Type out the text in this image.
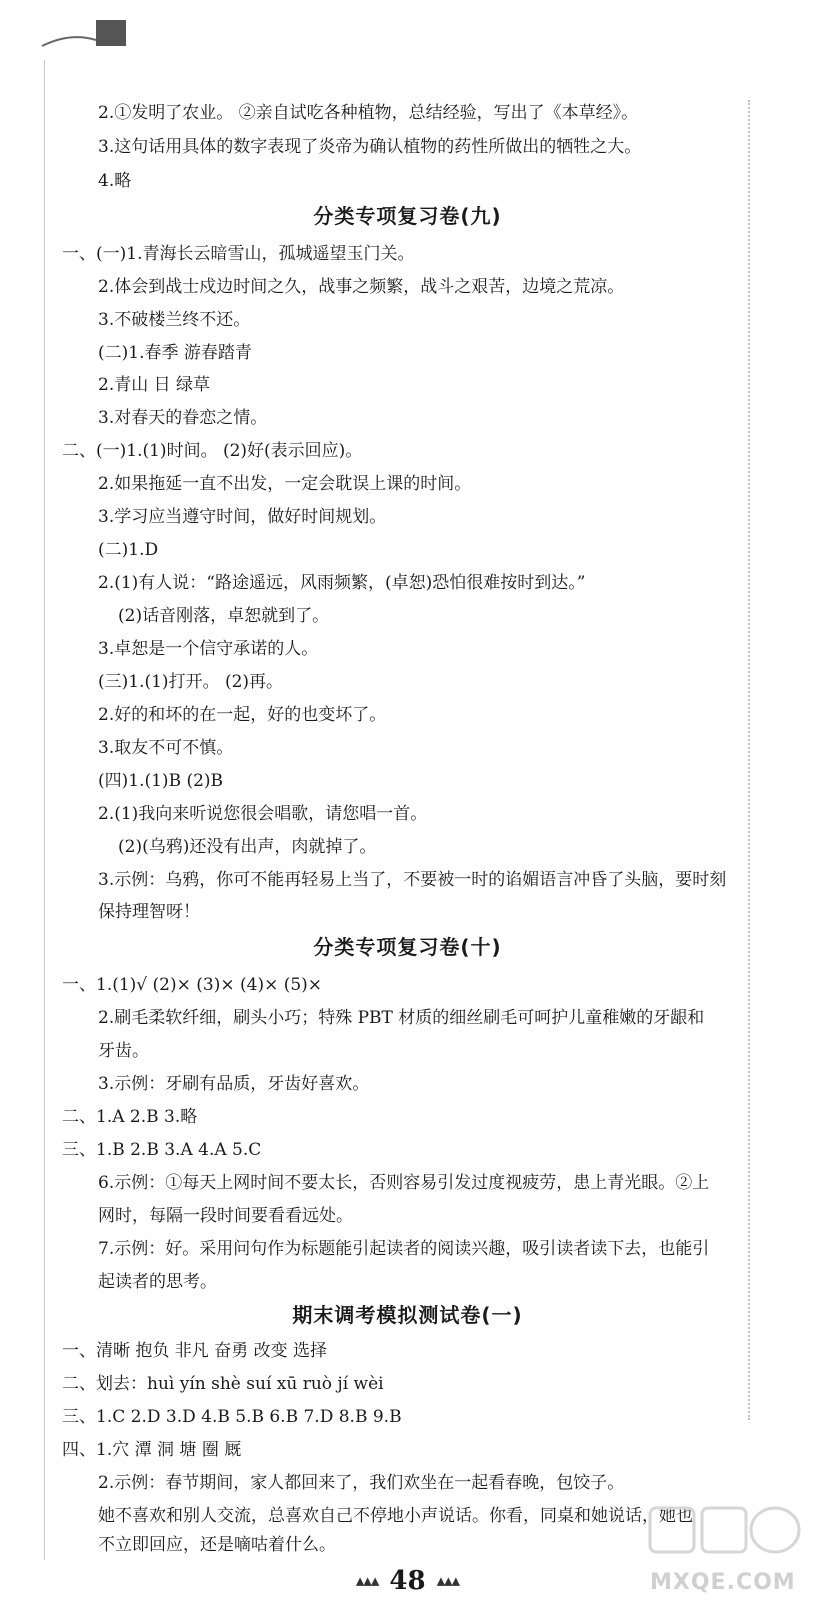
2.①发明了农业。 ②亲自试吃各种植物，总结经验，写出了《本草经》。
3.这句话用具体的数字表现了炎帝为确认植物的药性所做出的牺牲之大。
4.略
分类专项复习卷(九)
一、(一)1.青海长云暗雪山，孤城遥望玉门关。
2.体会到战士戍边时间之久，战事之频繁，战斗之艰苦，边境之荒凉。
3.不破楼兰终不还。
(二)1.春季 游春踏青
2.青山 日 绿草
3.对春天的眷恋之情。
二、(一)1.(1)时间。 (2)好(表示回应)。
2.如果拖延一直不出发，一定会耽误上课的时间。
3.学习应当遵守时间，做好时间规划。
(二)1.D
2.(1)有人说：“路途遥远，风雨频繁，(卓恕)恐怕很难按时到达。”
(2)话音刚落，卓恕就到了。
3.卓恕是一个信守承诺的人。
(三)1.(1)打开。 (2)再。
2.好的和坏的在一起，好的也变坏了。
3.取友不可不慎。
(四)1.(1)B (2)B
2.(1)我向来听说您很会唱歌，请您唱一首。
(2)(乌鸦)还没有出声，肉就掉了。
3.示例：乌鸦，你可不能再轻易上当了，不要被一时的谄媚语言冲昏了头脑，要时刻
保持理智呀！
分类专项复习卷(十)
一、1.(1)√ (2)× (3)× (4)× (5)×
2.刷毛柔软纤细，刷头小巧；特殊 PBT 材质的细丝刷毛可呵护儿童稚嫩的牙龈和
牙齿。
3.示例：牙刷有品质，牙齿好喜欢。
二、1.A 2.B 3.略
三、1.B 2.B 3.A 4.A 5.C
6.示例：①每天上网时间不要太长，否则容易引发过度视疲劳，患上青光眼。②上
网时，每隔一段时间要看看远处。
7.示例：好。采用问句作为标题能引起读者的阅读兴趣，吸引读者读下去，也能引
起读者的思考。
期末调考模拟测试卷(一)
一、清晰 抱负 非凡 奋勇 改变 选择
二、划去：huì yín shè suí xū ruò jí wèi
三、1.C 2.D 3.D 4.B 5.B 6.B 7.D 8.B 9.B
四、1.穴 潭 洞 塘 圈 厩
2.示例：春节期间，家人都回来了，我们欢坐在一起看春晚，包饺子。
她不喜欢和别人交流，总喜欢自己不停地小声说话。你看，同桌和她说话，她也
不立即回应，还是嘀咕着什么。
▲▲▲ 48 ▲▲▲	MXQE.COM
